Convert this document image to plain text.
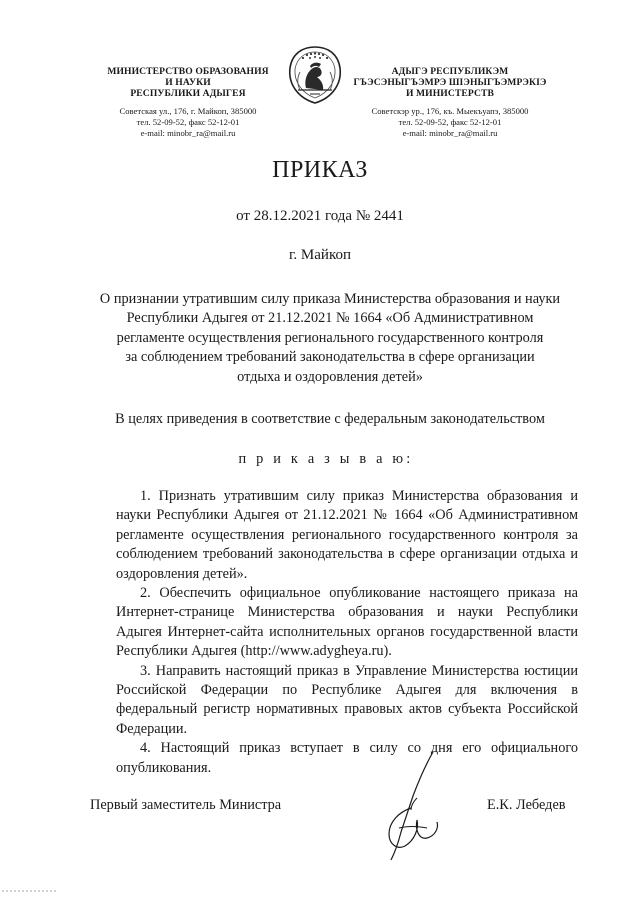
МИНИСТЕРСТВО ОБРАЗОВАНИЯ
И НАУКИ
РЕСПУБЛИКИ АДЫГЕЯ
Советская ул., 176, г. Майкоп, 385000
тел. 52-09-52, факс 52-12-01
e-mail: minobr_ra@mail.ru
АДЫГЭ РЕСПУБЛИКЭМ
ГЪЭСЭНЫГЪЭМРЭ ШIЭНЫГЪЭМРЭКIЭ
И МИНИСТЕРСТВ
Советскэр ур., 176, къ. Мыекъуапэ, 385000
тел. 52-09-52, факс 52-12-01
e-mail: minobr_ra@mail.ru
ПРИКАЗ
от 28.12.2021 года № 2441
г. Майкоп
О признании утратившим силу приказа Министерства образования и науки
Республики Адыгея от 21.12.2021 № 1664 «Об Административном
регламенте осуществления регионального государственного контроля
за соблюдением требований законодательства в сфере организации
отдыха и оздоровления детей»
В целях приведения в соответствие с федеральным законодательством
п р и к а з ы в а ю:

1. Признать утратившим силу приказ Министерства образования и науки Республики Адыгея от 21.12.2021 № 1664 «Об Административном регламенте осуществления регионального государственного контроля за соблюдением требований законодательства в сфере организации отдыха и оздоровления детей».

2. Обеспечить официальное опубликование настоящего приказа на Интернет-странице Министерства образования и науки Республики Адыгея Интернет-сайта исполнительных органов государственной власти Республики Адыгея (http://www.adygheya.ru).

3. Направить настоящий приказ в Управление Министерства юстиции Российской Федерации по Республике Адыгея для включения в федеральный регистр нормативных правовых актов субъекта Российской Федерации.

4. Настоящий приказ вступает в силу со дня его официального опубликования.

Первый заместитель Министра	Е.К. Лебедев
